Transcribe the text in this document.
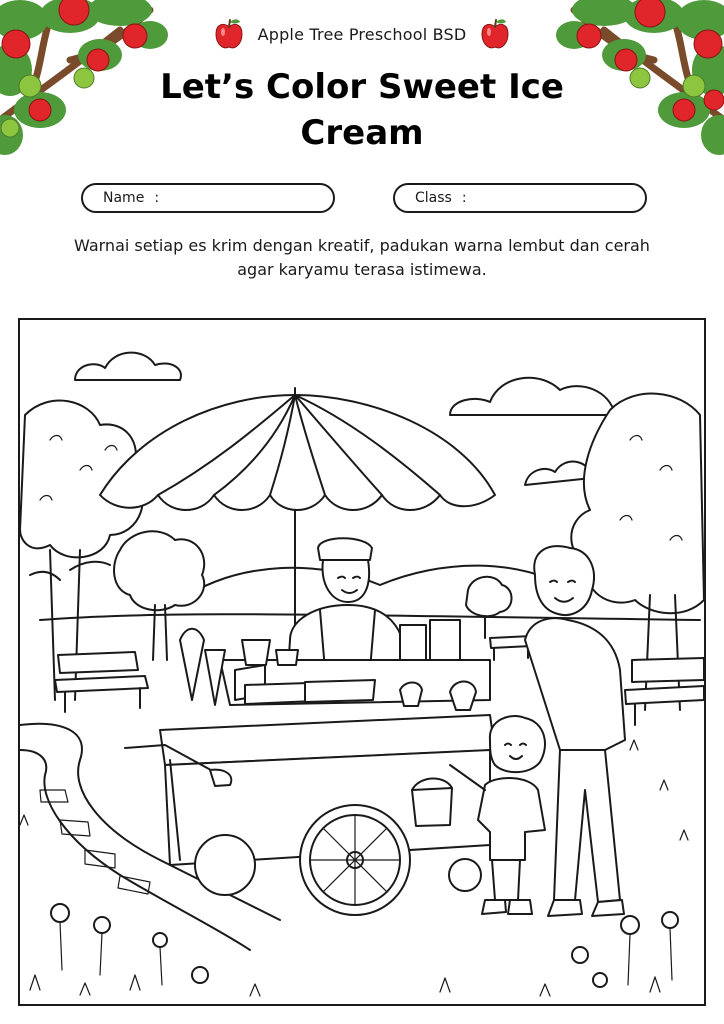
Apple Tree Preschool BSD
Let’s Color Sweet Ice Cream
Name :	Class :

Warnai setiap es krim dengan kreatif, padukan warna lembut dan cerah agar karyamu terasa istimewa.
